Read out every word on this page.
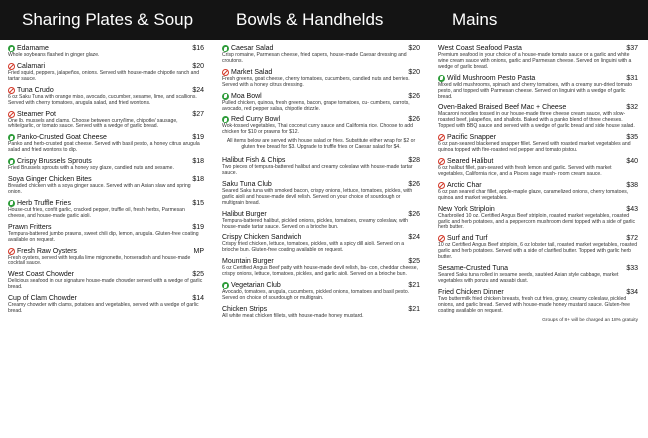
Sharing Plates & Soup	Bowls & Handhelds	Mains
Edamame	$16
Whole soybeans flashed in ginger glaze.
Calamari	$20
Fried squid, peppers, jalapeños, onions. Served with house-made chipotle ranch and tartar sauce.
Tuna Crudo	$24
6 oz Saku Tuna with orange miso, avocado, cucumber, sesame, lime, and scallions. Served with cherry tomatoes, arugula salad, and fried wontons.
Steamer Pot	$27
One lb. mussels and clams. Choose between curry/lime, chipotle/ sausage, white/garlic, or tomato sauce. Served with a wedge of garlic bread.
Panko-Crusted Goat Cheese	$19
Panko and herb-crusted goat cheese. Served with basil pesto, a honey citrus arugula salad and fried wontons to dip.
Crispy Brussels Sprouts	$18
Fried Brussels sprouts with a honey soy glaze, candied nuts and sesame.
Soya Ginger Chicken Bites	$18
Breaded chicken with a soya ginger sauce. Served with an Asian slaw and spring onion.
Herb Truffle Fries	$15
House-cut fries, confit garlic, cracked pepper, truffle oil, fresh herbs, Parmesan cheese, and house-made garlic aioli.
Prawn Fritters	$19
Tempura-battered jumbo prawns, sweet chili dip, lemon, arugula. Gluten-free coating available on request.
Fresh Raw Oysters	MP
Fresh oysters, served with tequila lime mignonette, horseradish and house-made cocktail sauce.
West Coast Chowder	$25
Delicious seafood in our signature house-made chowder served with a wedge of garlic bread.
Cup of Clam Chowder	$14
Creamy chowder with clams, potatoes and vegetables, served with a wedge of garlic bread.
Caesar Salad	$20
Crisp romaine, Parmesan cheese, fried capers, house-made Caesar dressing and croutons.
Market Salad	$20
Fresh greens, goat cheese, cherry tomatoes, cucumbers, candied nuts and berries. Served with a honey citrus dressing.
Moa Bowl	$26
Pulled chicken, quinoa, fresh greens, bacon, grape tomatoes, cu- cumbers, carrots, avocado, red pepper salsa, chipotle drizzle.
Red Curry Bowl	$26
Wok-tossed vegetables, Thai coconut curry sauce and California rice. Choose to add chicken for $10 or prawns for $12.
All items below are served with house salad or fries. Substitute either wrap for $2 or gluten free bread for $3. Upgrade to truffle fries or Caesar salad for $4.
Halibut Fish & Chips	$28
Two pieces of tempura-battered halibut and creamy coleslaw with house-made tartar sauce.
Saku Tuna Club	$26
Seared Saku tuna with smoked bacon, crispy onions, lettuce, tomatoes, pickles, with garlic aioli and house-made devil relish. Served on your choice of sourdough or multigrain bread.
Halibut Burger	$26
Tempura-battered halibut, pickled onions, pickles, tomatoes, creamy coleslaw, with house-made tartar sauce. Served on a brioche bun.
Crispy Chicken Sandwich	$24
Crispy fried chicken, lettuce, tomatoes, pickles, with a spicy dill aioli. Served on a brioche bun. Gluten-free coating available on request.
Mountain Burger	$25
6 oz Certified Angus Beef patty with house-made devil relish, ba- con, cheddar cheese, crispy onions, lettuce, tomatoes, pickles, and garlic aioli. Served on a brioche bun.
Vegetarian Club	$21
Avocado, tomatoes, arugula, cucumbers, pickled onions, tomatoes and basil pesto. Served on choice of sourdough or multigrain.
Chicken Strips	$21
All white meat chicken fillets, with house-made honey mustard.
West Coast Seafood Pasta	$37
Premium seafood in your choice of a house-made tomato sauce or a garlic and white wine cream sauce with onions, garlic and Parmesan cheese. Served on linguini with a wedge of garlic bread.
Wild Mushroom Pesto Pasta	$31
Mixed wild mushrooms, spinach and cherry tomatoes, with a creamy sun-dried tomato pesto, and topped with Parmesan cheese. Served on linguini with a wedge of garlic bread.
Oven-Baked Braised Beef Mac + Cheese	$32
Macaroni noodles tossed in our house-made three cheese cream sauce, with slow-roasted beef, jalapeños, and shallots. Baked with a panko blend of three cheeses. Topped with BBQ sauce and served with a wedge of garlic bread and side house salad.
Pacific Snapper	$35
6 oz pan-seared blackened snapper fillet. Served with roasted market vegetables and quinoa topped with fire-roasted red pepper and tomato pistou.
Seared Halibut	$40
6 oz halibut fillet, pan-seared with fresh lemon and garlic. Served with market vegetables, California rice, and a Pisces sage mush- room cream sauce.
Arctic Char	$38
6 oz pan seared char fillet, apple-maple glaze, caramelized onions, cherry tomatoes, quinoa and market vegetables.
New York Striploin	$43
Charbroiled 10 oz. Certified Angus Beef striploin, roasted market vegetables, roasted garlic and herb potatoes, and a peppercorn mushroom demi topped with a side of garlic herb butter.
Surf and Turf	$72
10 oz Certified Angus Beef striploin, 6 oz lobster tail, roasted market vegetables, roasted garlic and herb potatoes. Served with a side of clarified butter. Topped with garlic herb butter.
Sesame-Crusted Tuna	$33
Seared Saku tuna rolled in sesame seeds, sautéed Asian style cabbage, market vegetables with ponzu and wasabi dust.
Fried Chicken Dinner	$34
Two buttermilk fried chicken breasts, fresh cut fries, gravy, creamy coleslaw, pickled onions, and garlic bread. Served with house-made honey mustard sauce. Gluten-free coating available on request.
Groups of 8+ will be charged an 18% gratuity
